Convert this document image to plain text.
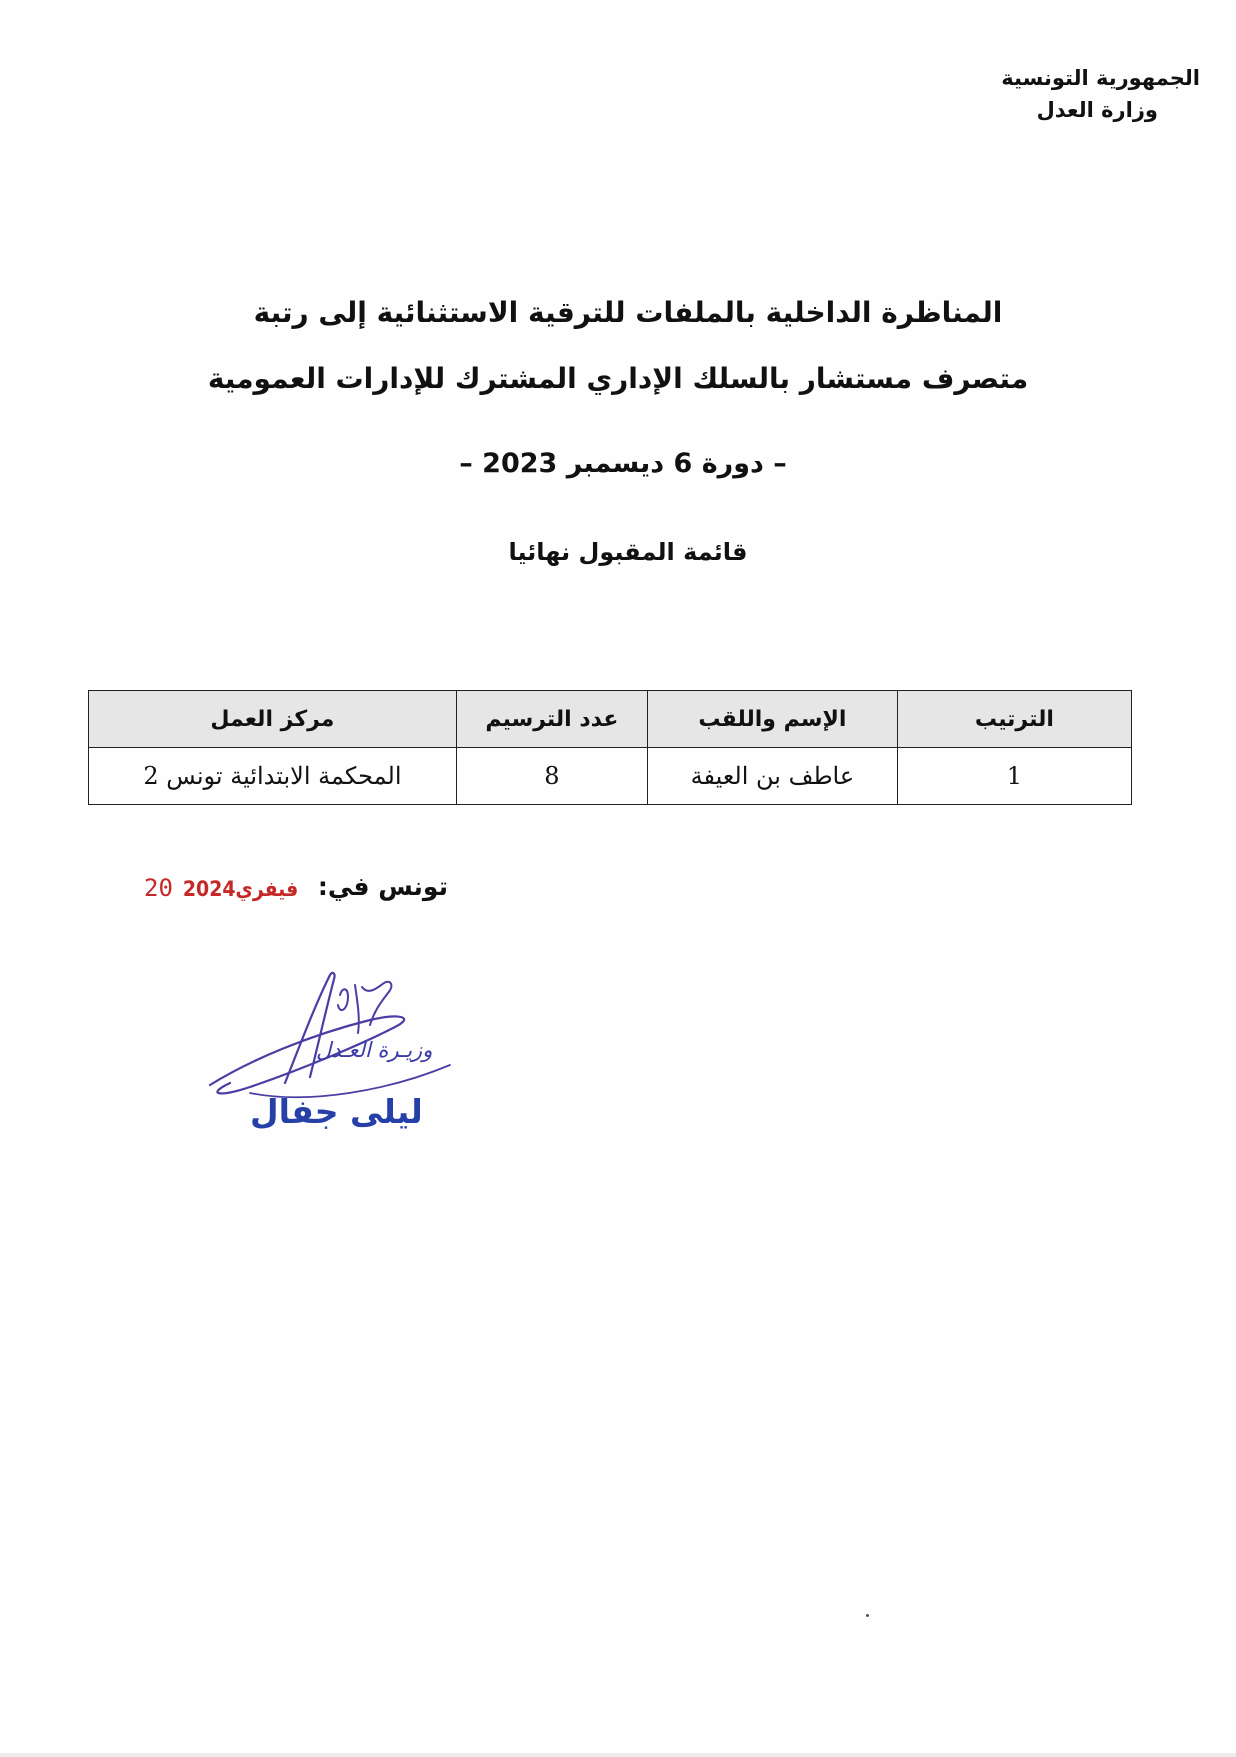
الجمهورية التونسية
وزارة العدل
المناظرة الداخلية بالملفات للترقية الاستثنائية إلى رتبة
متصرف مستشار بالسلك الإداري المشترك للإدارات العمومية
– دورة 6 ديسمبر 2023 –
قائمة المقبول نهائيا
الترتيب	الإسم واللقب	عدد الترسيم	مركز العمل
1	عاطف بن العيفة	8	المحكمة الابتدائية تونس 2
تونس في:
فيفري20 2024
وزيـرة العـدل
ليلى جفال
